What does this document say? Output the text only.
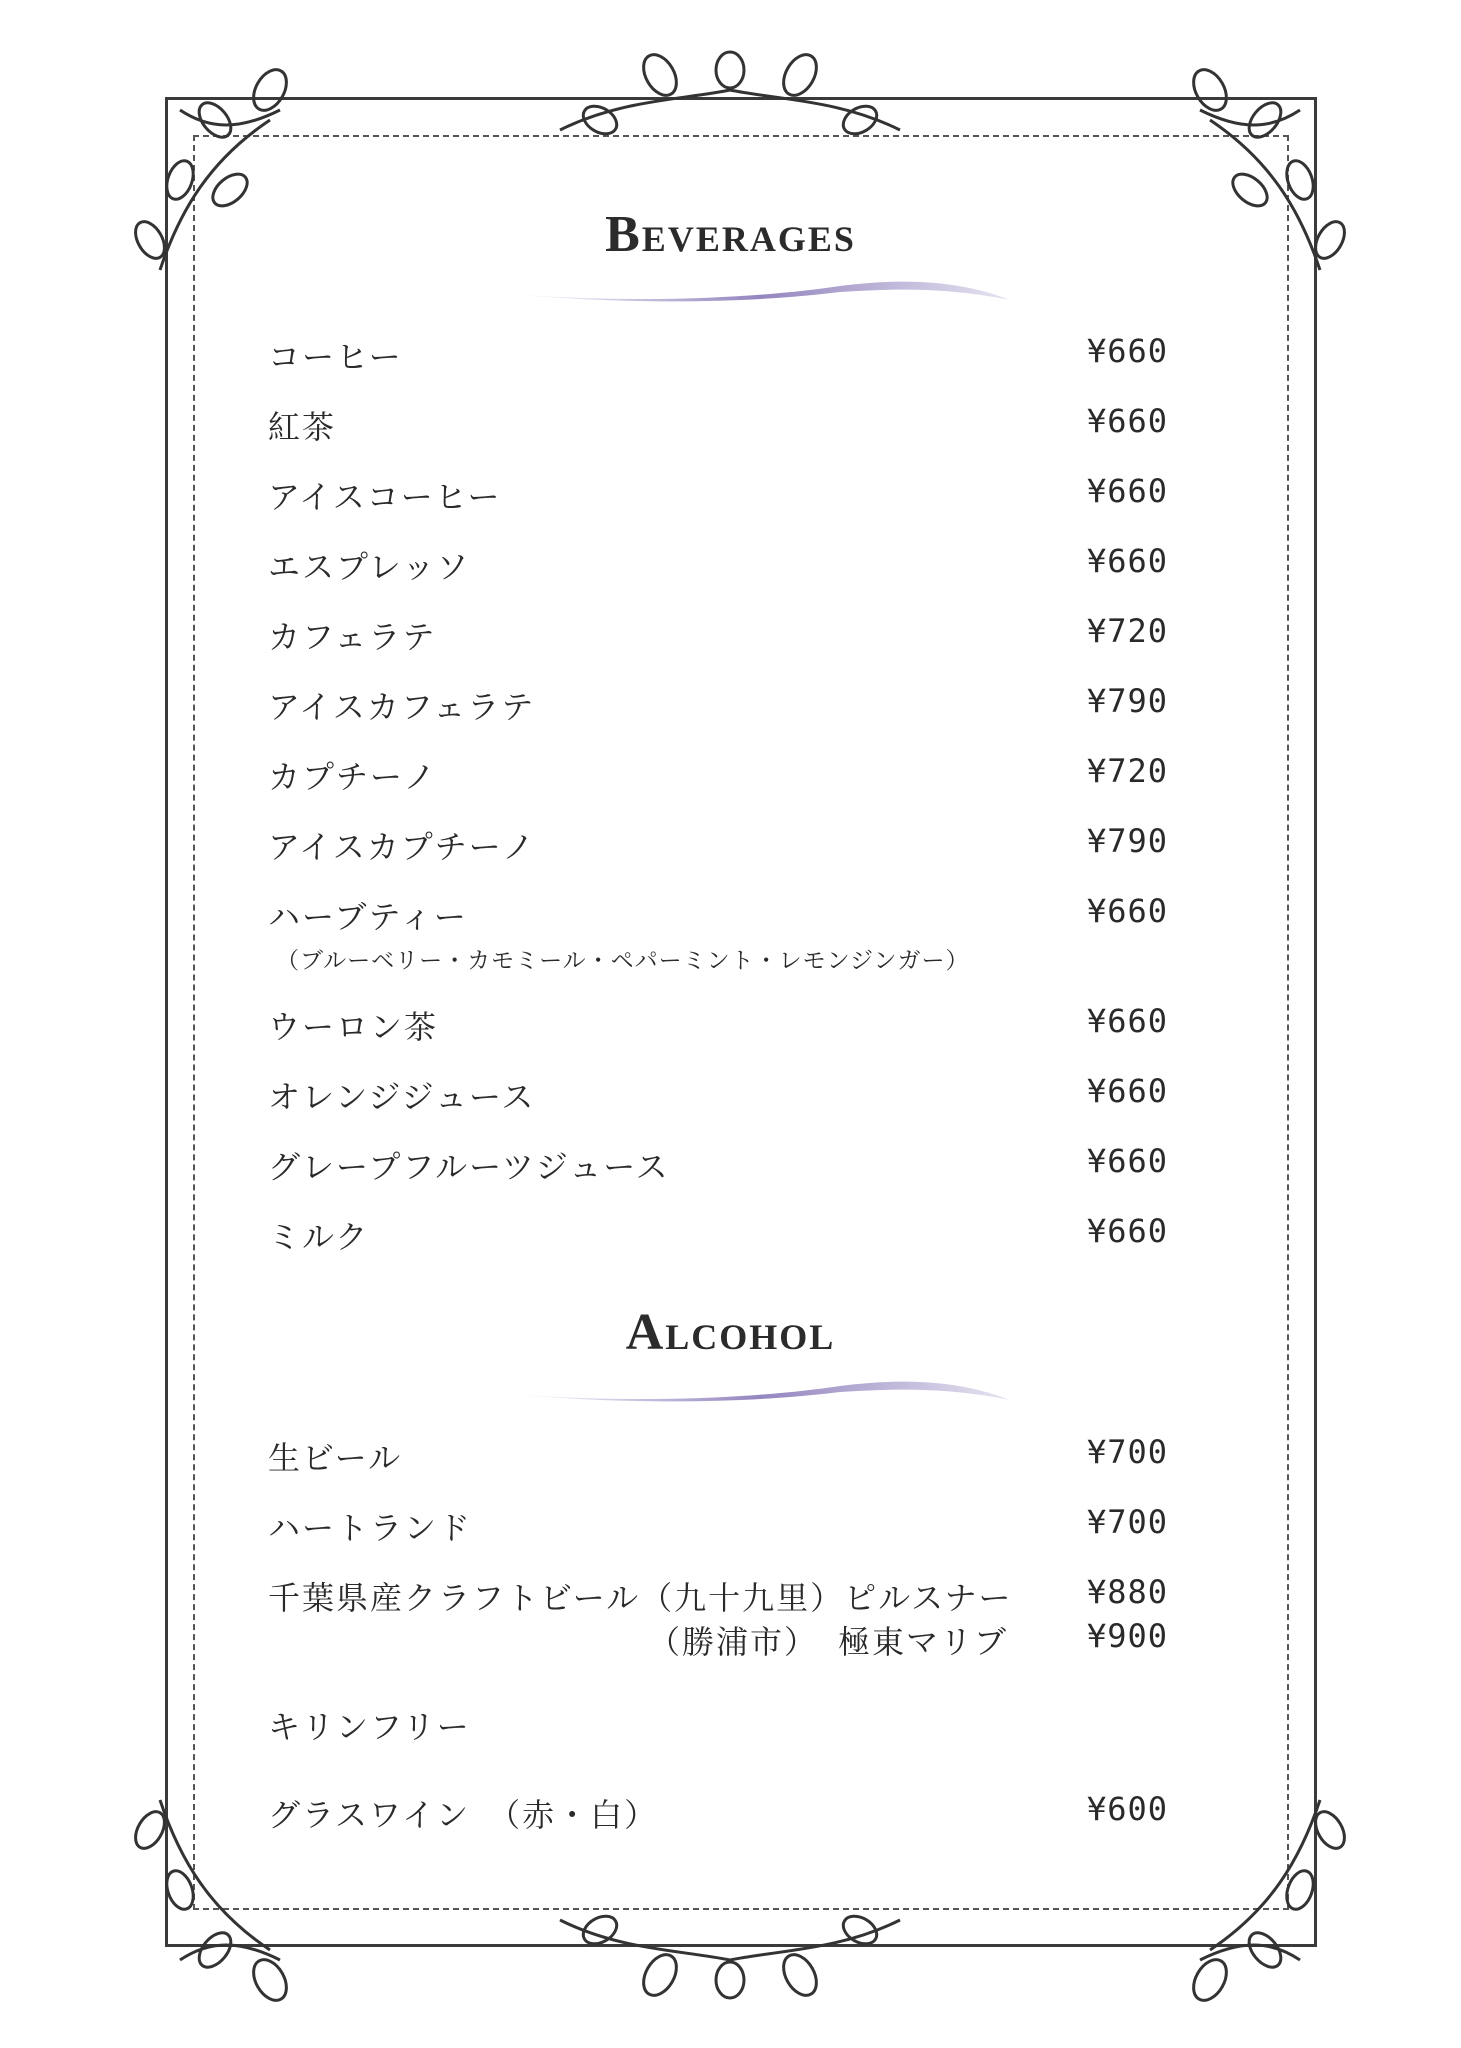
Beverages
コーヒー	¥660
紅茶	¥660
アイスコーヒー	¥660
エスプレッソ	¥660
カフェラテ	¥720
アイスカフェラテ	¥790
カプチーノ	¥720
アイスカプチーノ	¥790
ハーブティー	¥660
（ブルーベリー・カモミール・ペパーミント・レモンジンガー）
ウーロン茶	¥660
オレンジジュース	¥660
グレープフルーツジュース	¥660
ミルク	¥660
Alcohol
生ビール	¥700
ハートランド	¥700
千葉県産クラフトビール（九十九里）ピルスナー ¥880
（勝浦市） 極東マリブ ¥900
キリンフリー
グラスワイン　（赤・白）	¥600
